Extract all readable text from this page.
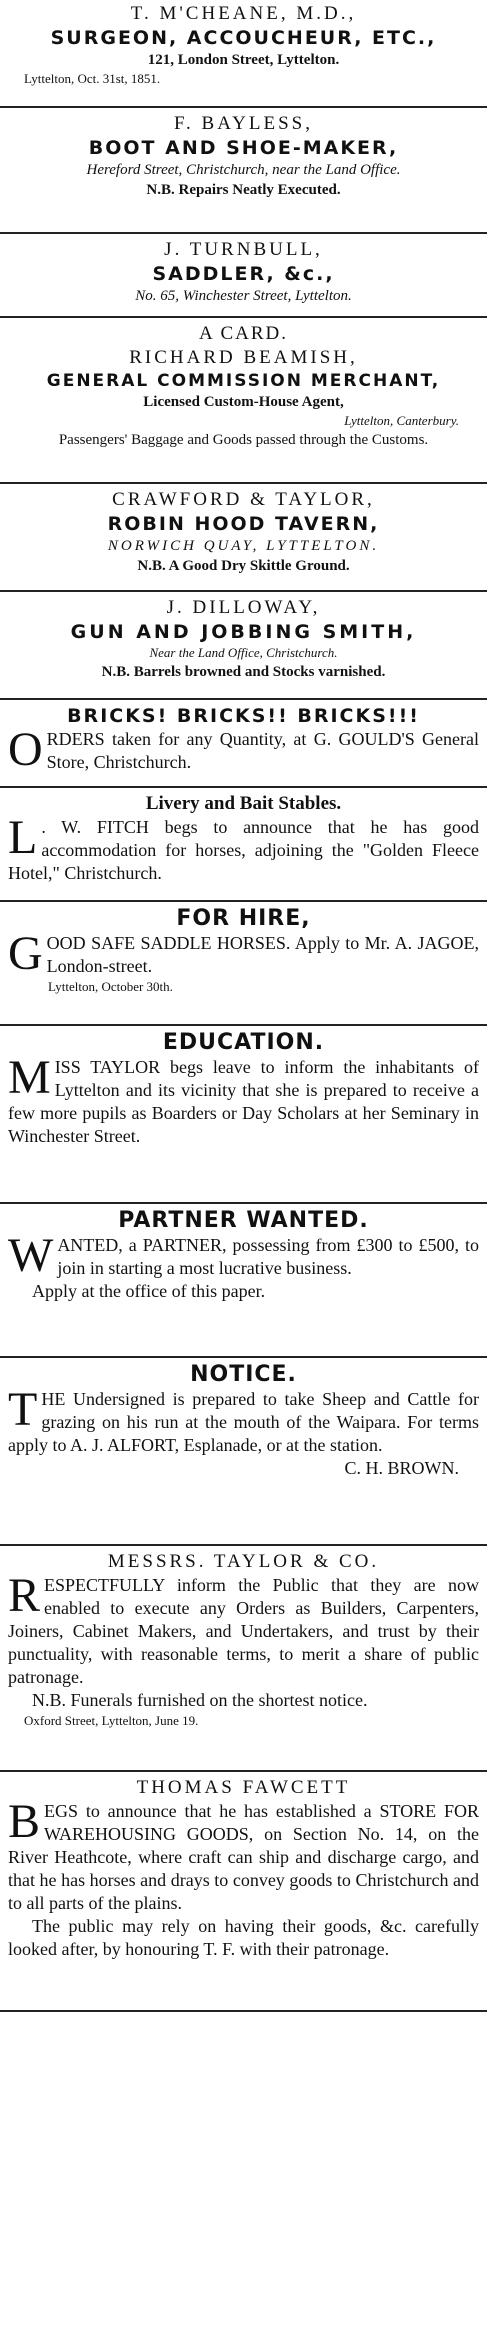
T. M'CHEANE, M.D.,
SURGEON, ACCOUCHEUR, ETC.,
121, London Street, Lyttelton.
Lyttelton, Oct. 31st, 1851.
F. BAYLESS,
BOOT AND SHOE-MAKER,
Hereford Street, Christchurch, near the Land Office.
N.B. Repairs Neatly Executed.
J. TURNBULL,
SADDLER, &c.,
No. 65, Winchester Street, Lyttelton.
A CARD.
RICHARD BEAMISH,
GENERAL COMMISSION MERCHANT,
Licensed Custom-House Agent,
Lyttelton, Canterbury.
Passengers' Baggage and Goods passed through the Customs.
CRAWFORD & TAYLOR,
ROBIN HOOD TAVERN,
NORWICH QUAY, LYTTELTON.
N.B. A Good Dry Skittle Ground.
J. DILLOWAY,
GUN AND JOBBING SMITH,
Near the Land Office, Christchurch.
N.B. Barrels browned and Stocks varnished.
BRICKS! BRICKS!! BRICKS!!!
ORDERS taken for any Quantity, at G. GOULD'S General Store, Christchurch.
Livery and Bait Stables.
L . W. FITCH begs to announce that he has good accommodation for horses, adjoining the "Golden Fleece Hotel," Christchurch.
FOR HIRE,
GOOD SAFE SADDLE HORSES. Apply to Mr. A. JAGOE, London-street.
Lyttelton, October 30th.
EDUCATION.
MISS TAYLOR begs leave to inform the inhabitants of Lyttelton and its vicinity that she is prepared to receive a few more pupils as Boarders or Day Scholars at her Seminary in Winchester Street.
PARTNER WANTED.
WANTED, a PARTNER, possessing from £300 to £500, to join in starting a most lucrative business.
Apply at the office of this paper.
NOTICE.
THE Undersigned is prepared to take Sheep and Cattle for grazing on his run at the mouth of the Waipara. For terms apply to A. J. ALFORT, Esplanade, or at the station.
C. H. BROWN.
MESSRS. TAYLOR & CO.
RESPECTFULLY inform the Public that they are now enabled to execute any Orders as Builders, Carpenters, Joiners, Cabinet Makers, and Undertakers, and trust by their punctuality, with reasonable terms, to merit a share of public patronage.
N.B. Funerals furnished on the shortest notice.
Oxford Street, Lyttelton, June 19.
THOMAS FAWCETT
BEGS to announce that he has established a STORE FOR WAREHOUSING GOODS, on Section No. 14, on the River Heathcote, where craft can ship and discharge cargo, and that he has horses and drays to convey goods to Christchurch and to all parts of the plains.
The public may rely on having their goods, &c. carefully looked after, by honouring T. F. with their patronage.
